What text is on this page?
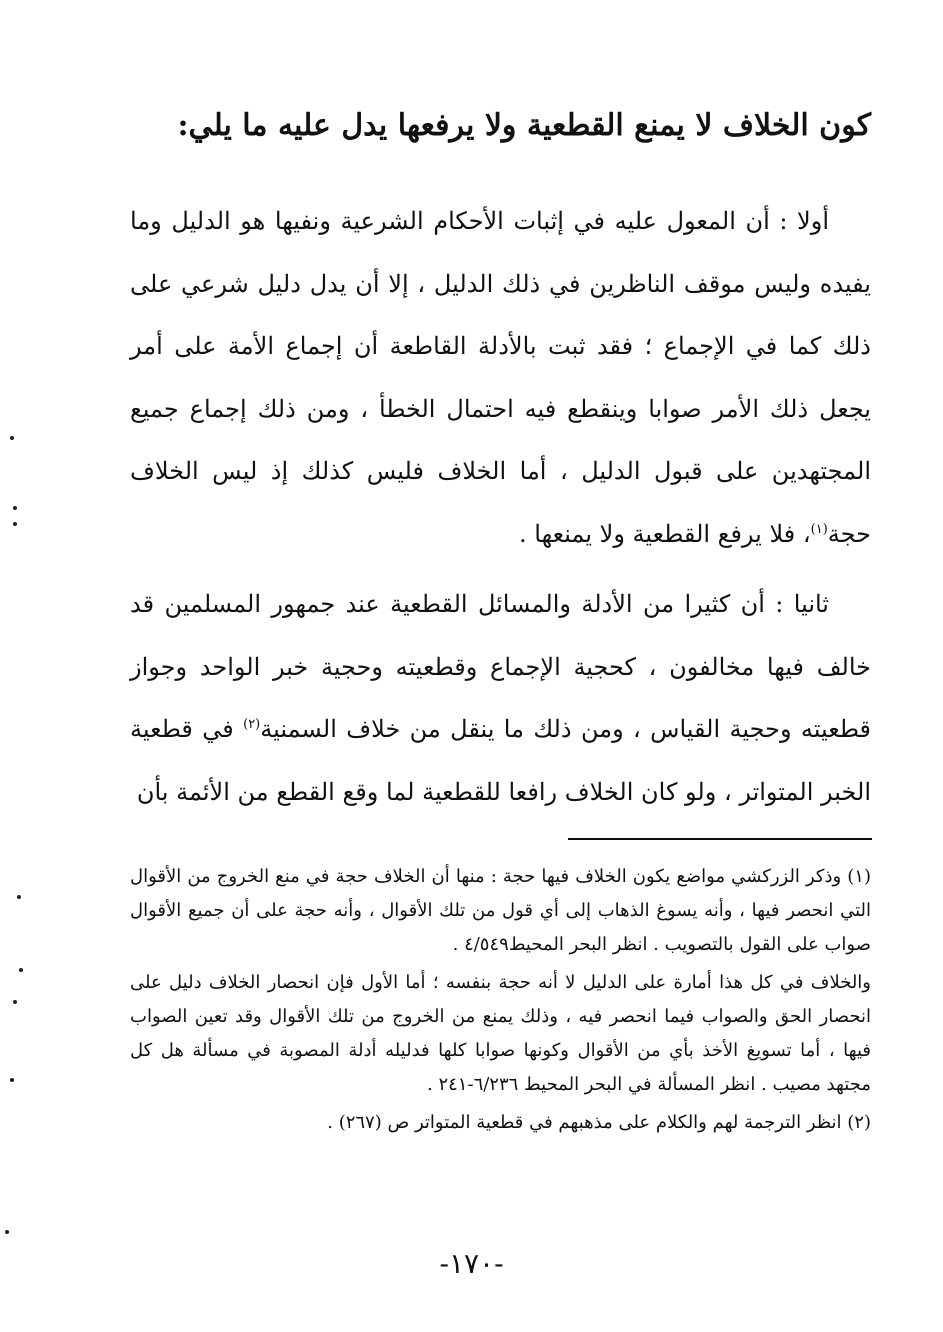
كون الخلاف لا يمنع القطعية ولا يرفعها يدل عليه ما يلي:

أولا : أن المعول عليه في إثبات الأحكام الشرعية ونفيها هو الدليل وما يفيده وليس موقف الناظرين في ذلك الدليل ، إلا أن يدل دليل شرعي على ذلك كما في الإجماع ؛ فقد ثبت بالأدلة القاطعة أن إجماع الأمة على أمر يجعل ذلك الأمر صوابا وينقطع فيه احتمال الخطأ ، ومن ذلك إجماع جميع المجتهدين على قبول الدليل ، أما الخلاف فليس كذلك إذ ليس الخلاف حجة$^{(١)}$، فلا يرفع القطعية ولا يمنعها .

ثانيا : أن كثيرا من الأدلة والمسائل القطعية عند جمهور المسلمين قد خالف فيها مخالفون ، كحجية الإجماع وقطعيته وحجية خبر الواحد وجواز قطعيته وحجية القياس ، ومن ذلك ما ينقل من خلاف السمنية$^{(٢)}$ في قطعية الخبر المتواتر ، ولو كان الخلاف رافعا للقطعية لما وقع القطع من الأئمة بأن

(١) وذكر الزركشي مواضع يكون الخلاف فيها حجة : منها أن الخلاف حجة في منع الخروج من الأقوال التي انحصر فيها ، وأنه يسوغ الذهاب إلى أي قول من تلك الأقوال ، وأنه حجة على أن جميع الأقوال صواب على القول بالتصويب . انظر البحر المحيط٤/٥٤٩ .

والخلاف في كل هذا أمارة على الدليل لا أنه حجة بنفسه ؛ أما الأول فإن انحصار الخلاف دليل على انحصار الحق والصواب فيما انحصر فيه ، وذلك يمنع من الخروج من تلك الأقوال وقد تعين الصواب فيها ، أما تسويغ الأخذ بأي من الأقوال وكونها صوابا كلها فدليله أدلة المصوبة في مسألة هل كل مجتهد مصيب . انظر المسألة في البحر المحيط ٦/٢٣٦-٢٤١ .

(٢) انظر الترجمة لهم والكلام على مذهبهم في قطعية المتواتر ص (٢٦٧) .

-١٧٠-
